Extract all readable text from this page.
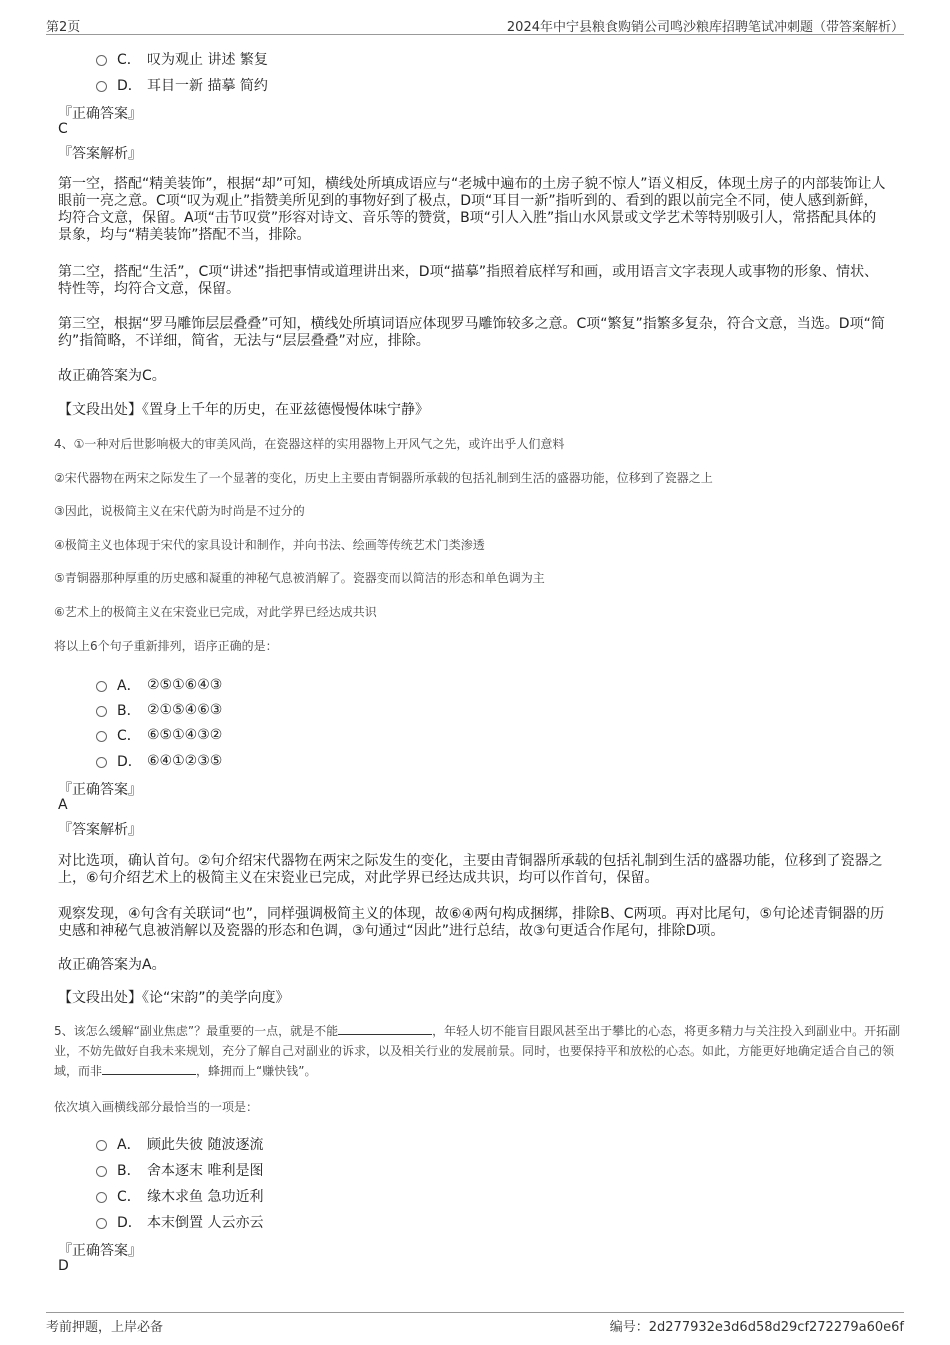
第2页	2024年中宁县粮食购销公司鸣沙粮库招聘笔试冲刺题（带答案解析）
C． 叹为观止 讲述 繁复
D． 耳目一新 描摹 简约
『正确答案』
C
『答案解析』
第一空，搭配“精美装饰”，根据“却”可知，横线处所填成语应与“老城中遍布的土房子貌不惊人”语义相反，体现土房子的内部装饰让人眼前一亮之意。C项“叹为观止”指赞美所见到的事物好到了极点，D项“耳目一新”指听到的、看到的跟以前完全不同，使人感到新鲜，均符合文意，保留。A项“击节叹赏”形容对诗文、音乐等的赞赏，B项“引人入胜”指山水风景或文学艺术等特别吸引人，常搭配具体的景象，均与“精美装饰”搭配不当，排除。
第二空，搭配“生活”，C项“讲述”指把事情或道理讲出来，D项“描摹”指照着底样写和画，或用语言文字表现人或事物的形象、情状、特性等，均符合文意，保留。
第三空，根据“罗马雕饰层层叠叠”可知，横线处所填词语应体现罗马雕饰较多之意。C项“繁复”指繁多复杂，符合文意，当选。D项“简约”指简略，不详细，简省，无法与“层层叠叠”对应，排除。
故正确答案为C。
【文段出处】《置身上千年的历史，在亚兹德慢慢体味宁静》
4、①一种对后世影响极大的审美风尚，在瓷器这样的实用器物上开风气之先，或许出乎人们意料
②宋代器物在两宋之际发生了一个显著的变化，历史上主要由青铜器所承载的包括礼制到生活的盛器功能，位移到了瓷器之上
③因此，说极简主义在宋代蔚为时尚是不过分的
④极简主义也体现于宋代的家具设计和制作，并向书法、绘画等传统艺术门类渗透
⑤青铜器那种厚重的历史感和凝重的神秘气息被消解了。瓷器变而以简洁的形态和单色调为主
⑥艺术上的极简主义在宋瓷业已完成，对此学界已经达成共识
将以上6个句子重新排列，语序正确的是：
A． ②⑤①⑥④③
B． ②①⑤④⑥③
C． ⑥⑤①④③②
D． ⑥④①②③⑤
『正确答案』
A
『答案解析』
对比选项，确认首句。②句介绍宋代器物在两宋之际发生的变化，主要由青铜器所承载的包括礼制到生活的盛器功能，位移到了瓷器之上，⑥句介绍艺术上的极简主义在宋瓷业已完成，对此学界已经达成共识，均可以作首句，保留。
观察发现，④句含有关联词“也”，同样强调极简主义的体现，故⑥④两句构成捆绑，排除B、C两项。再对比尾句，⑤句论述青铜器的历史感和神秘气息被消解以及瓷器的形态和色调，③句通过“因此”进行总结，故③句更适合作尾句，排除D项。
故正确答案为A。
【文段出处】《论“宋韵”的美学向度》
5、该怎么缓解“副业焦虑”？最重要的一点，就是不能	，年轻人切不能盲目跟风甚至出于攀比的心态，将更多精力与关注投入到副业中。开拓副业，不妨先做好自我未来规划，充分了解自己对副业的诉求，以及相关行业的发展前景。同时，也要保持平和放松的心态。如此，方能更好地确定适合自己的领域，而非	，蜂拥而上“赚快钱”。
依次填入画横线部分最恰当的一项是：
A． 顾此失彼 随波逐流
B． 舍本逐末 唯利是图
C． 缘木求鱼 急功近利
D． 本末倒置 人云亦云
『正确答案』
D
考前押题，上岸必备	编号：2d277932e3d6d58d29cf272279a60e6f
